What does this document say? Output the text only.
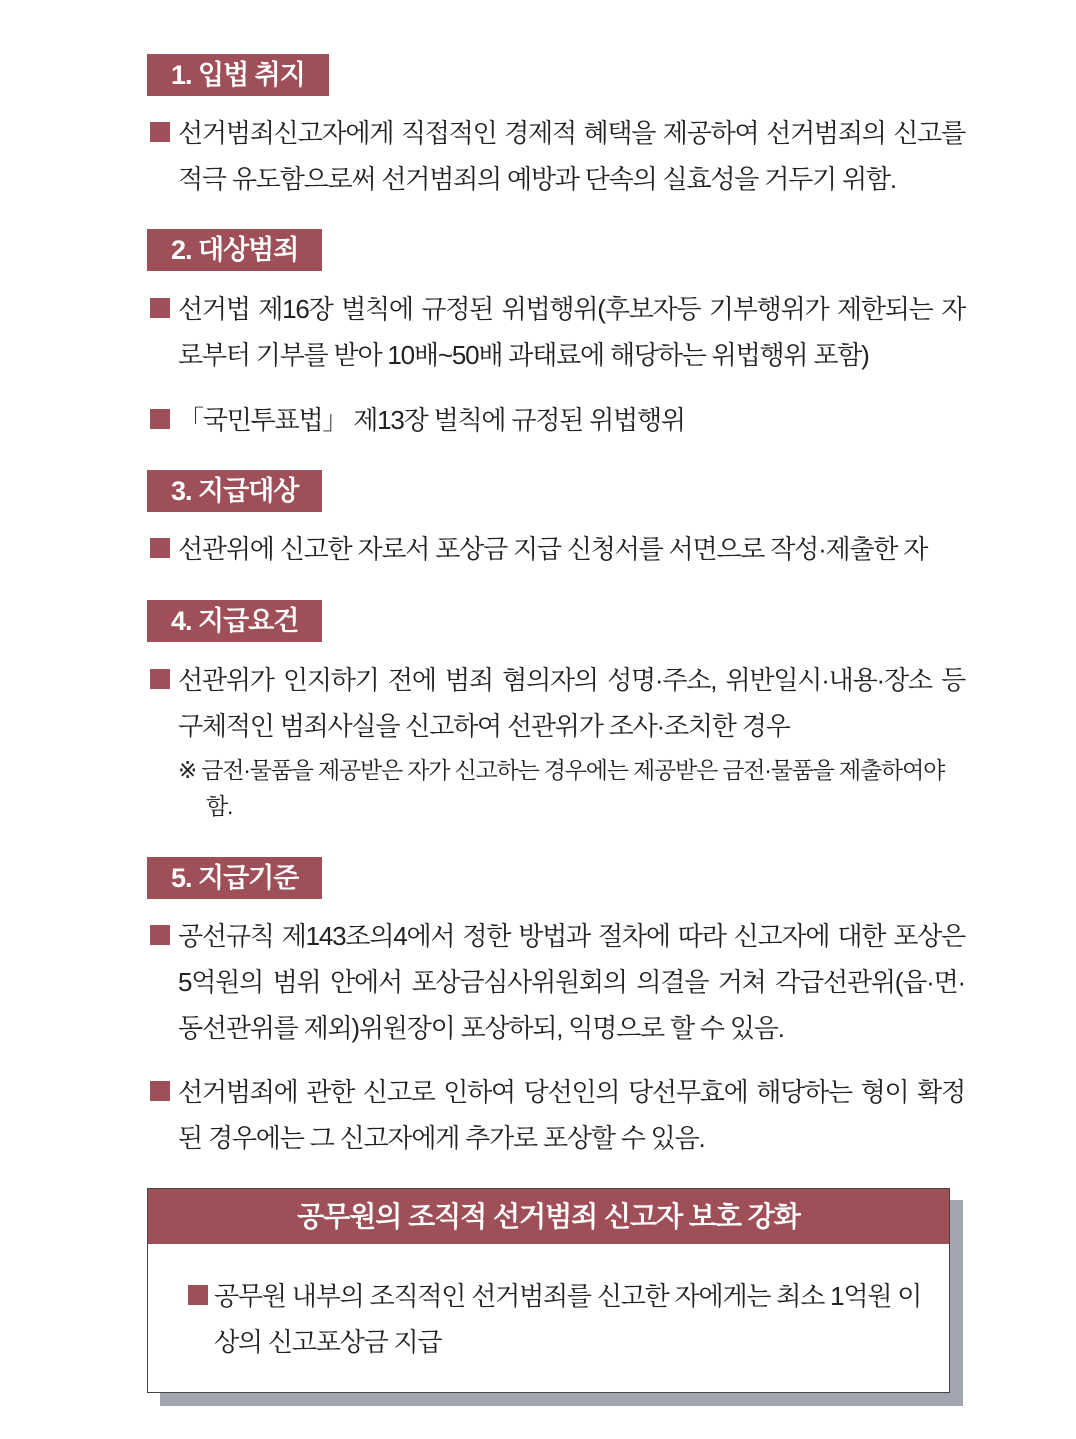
1. 입법 취지
선거범죄신고자에게 직접적인 경제적 혜택을 제공하여 선거범죄의 신고를 적극 유도함으로써 선거범죄의 예방과 단속의 실효성을 거두기 위함.
2. 대상범죄
선거법 제16장 벌칙에 규정된 위법행위(후보자등 기부행위가 제한되는 자로부터 기부를 받아 10배~50배 과태료에 해당하는 위법행위 포함)
「국민투표법」 제13장 벌칙에 규정된 위법행위
3. 지급대상
선관위에 신고한 자로서 포상금 지급 신청서를 서면으로 작성·제출한 자
4. 지급요건
선관위가 인지하기 전에 범죄 혐의자의 성명·주소, 위반일시·내용·장소 등 구체적인 범죄사실을 신고하여 선관위가 조사·조치한 경우
※ 금전·물품을 제공받은 자가 신고하는 경우에는 제공받은 금전·물품을 제출하여야 함.
5. 지급기준
공선규칙 제143조의4에서 정한 방법과 절차에 따라 신고자에 대한 포상은 5억원의 범위 안에서 포상금심사위원회의 의결을 거쳐 각급선관위(읍·면·동선관위를 제외)위원장이 포상하되, 익명으로 할 수 있음.
선거범죄에 관한 신고로 인하여 당선인의 당선무효에 해당하는 형이 확정된 경우에는 그 신고자에게 추가로 포상할 수 있음.
공무원의 조직적 선거범죄 신고자 보호 강화
공무원 내부의 조직적인 선거범죄를 신고한 자에게는 최소 1억원 이상의 신고포상금 지급
